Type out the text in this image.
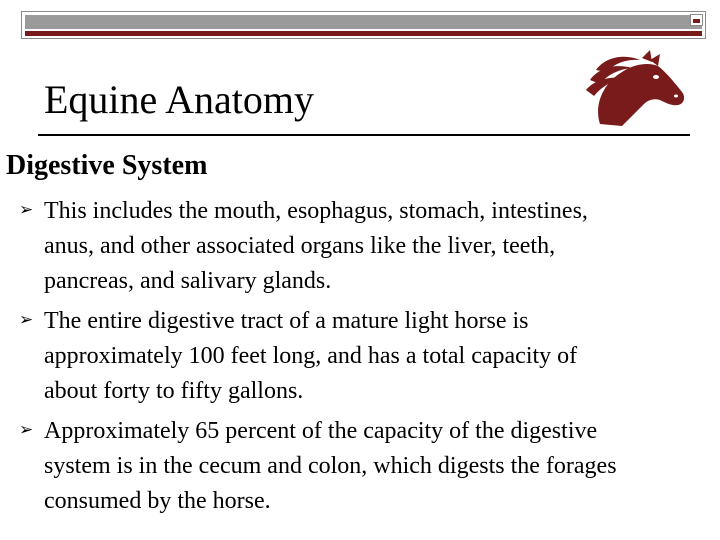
Equine Anatomy
Digestive System
➢ This includes the mouth, esophagus, stomach, intestines,
anus, and other associated organs like the liver, teeth,
pancreas, and salivary glands.

➢ The entire digestive tract of a mature light horse is
approximately 100 feet long, and has a total capacity of
about forty to fifty gallons.

➢ Approximately 65 percent of the capacity of the digestive
system is in the cecum and colon, which digests the forages
consumed by the horse.
